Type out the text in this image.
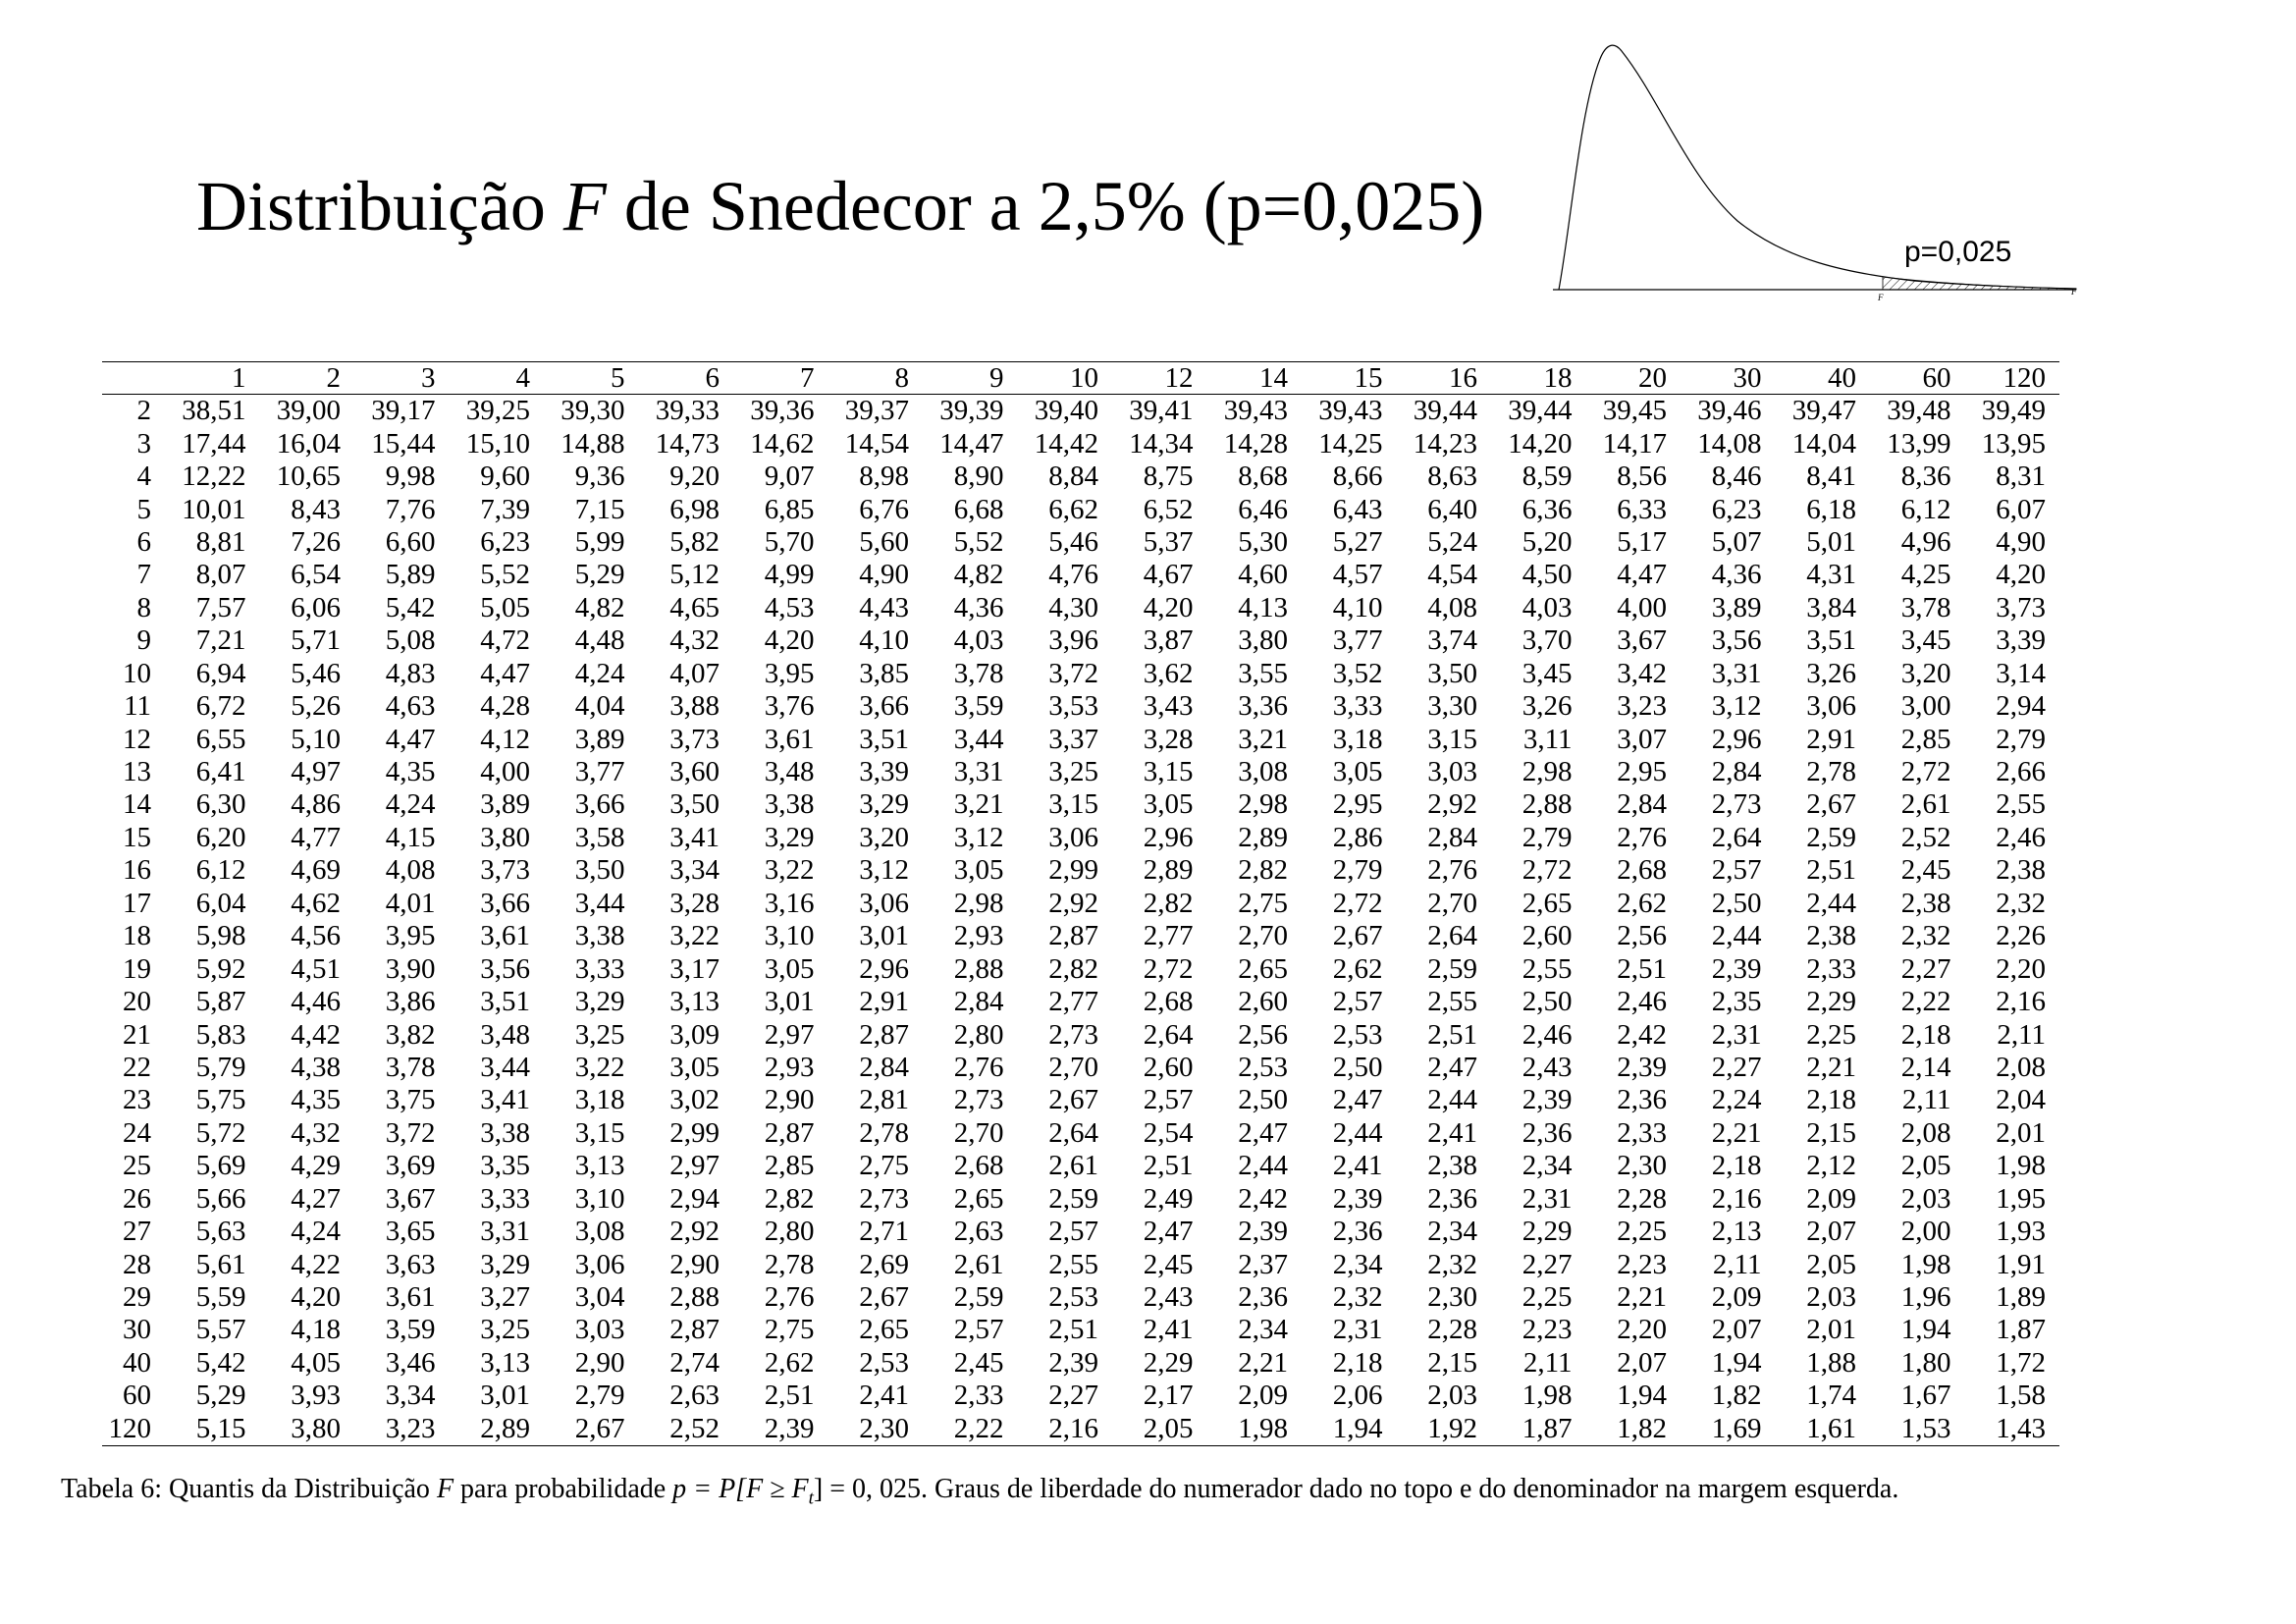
Distribuição F de Snedecor a 2,5% (p=0,025)
F
F
p=0,025
	1	2	3	4	5	6	7	8	9	10	12	14	15	16	18	20	30	40	60	120
2	38,51	39,00	39,17	39,25	39,30	39,33	39,36	39,37	39,39	39,40	39,41	39,43	39,43	39,44	39,44	39,45	39,46	39,47	39,48	39,49
3	17,44	16,04	15,44	15,10	14,88	14,73	14,62	14,54	14,47	14,42	14,34	14,28	14,25	14,23	14,20	14,17	14,08	14,04	13,99	13,95
4	12,22	10,65	9,98	9,60	9,36	9,20	9,07	8,98	8,90	8,84	8,75	8,68	8,66	8,63	8,59	8,56	8,46	8,41	8,36	8,31
5	10,01	8,43	7,76	7,39	7,15	6,98	6,85	6,76	6,68	6,62	6,52	6,46	6,43	6,40	6,36	6,33	6,23	6,18	6,12	6,07
6	8,81	7,26	6,60	6,23	5,99	5,82	5,70	5,60	5,52	5,46	5,37	5,30	5,27	5,24	5,20	5,17	5,07	5,01	4,96	4,90
7	8,07	6,54	5,89	5,52	5,29	5,12	4,99	4,90	4,82	4,76	4,67	4,60	4,57	4,54	4,50	4,47	4,36	4,31	4,25	4,20
8	7,57	6,06	5,42	5,05	4,82	4,65	4,53	4,43	4,36	4,30	4,20	4,13	4,10	4,08	4,03	4,00	3,89	3,84	3,78	3,73
9	7,21	5,71	5,08	4,72	4,48	4,32	4,20	4,10	4,03	3,96	3,87	3,80	3,77	3,74	3,70	3,67	3,56	3,51	3,45	3,39
10	6,94	5,46	4,83	4,47	4,24	4,07	3,95	3,85	3,78	3,72	3,62	3,55	3,52	3,50	3,45	3,42	3,31	3,26	3,20	3,14
11	6,72	5,26	4,63	4,28	4,04	3,88	3,76	3,66	3,59	3,53	3,43	3,36	3,33	3,30	3,26	3,23	3,12	3,06	3,00	2,94
12	6,55	5,10	4,47	4,12	3,89	3,73	3,61	3,51	3,44	3,37	3,28	3,21	3,18	3,15	3,11	3,07	2,96	2,91	2,85	2,79
13	6,41	4,97	4,35	4,00	3,77	3,60	3,48	3,39	3,31	3,25	3,15	3,08	3,05	3,03	2,98	2,95	2,84	2,78	2,72	2,66
14	6,30	4,86	4,24	3,89	3,66	3,50	3,38	3,29	3,21	3,15	3,05	2,98	2,95	2,92	2,88	2,84	2,73	2,67	2,61	2,55
15	6,20	4,77	4,15	3,80	3,58	3,41	3,29	3,20	3,12	3,06	2,96	2,89	2,86	2,84	2,79	2,76	2,64	2,59	2,52	2,46
16	6,12	4,69	4,08	3,73	3,50	3,34	3,22	3,12	3,05	2,99	2,89	2,82	2,79	2,76	2,72	2,68	2,57	2,51	2,45	2,38
17	6,04	4,62	4,01	3,66	3,44	3,28	3,16	3,06	2,98	2,92	2,82	2,75	2,72	2,70	2,65	2,62	2,50	2,44	2,38	2,32
18	5,98	4,56	3,95	3,61	3,38	3,22	3,10	3,01	2,93	2,87	2,77	2,70	2,67	2,64	2,60	2,56	2,44	2,38	2,32	2,26
19	5,92	4,51	3,90	3,56	3,33	3,17	3,05	2,96	2,88	2,82	2,72	2,65	2,62	2,59	2,55	2,51	2,39	2,33	2,27	2,20
20	5,87	4,46	3,86	3,51	3,29	3,13	3,01	2,91	2,84	2,77	2,68	2,60	2,57	2,55	2,50	2,46	2,35	2,29	2,22	2,16
21	5,83	4,42	3,82	3,48	3,25	3,09	2,97	2,87	2,80	2,73	2,64	2,56	2,53	2,51	2,46	2,42	2,31	2,25	2,18	2,11
22	5,79	4,38	3,78	3,44	3,22	3,05	2,93	2,84	2,76	2,70	2,60	2,53	2,50	2,47	2,43	2,39	2,27	2,21	2,14	2,08
23	5,75	4,35	3,75	3,41	3,18	3,02	2,90	2,81	2,73	2,67	2,57	2,50	2,47	2,44	2,39	2,36	2,24	2,18	2,11	2,04
24	5,72	4,32	3,72	3,38	3,15	2,99	2,87	2,78	2,70	2,64	2,54	2,47	2,44	2,41	2,36	2,33	2,21	2,15	2,08	2,01
25	5,69	4,29	3,69	3,35	3,13	2,97	2,85	2,75	2,68	2,61	2,51	2,44	2,41	2,38	2,34	2,30	2,18	2,12	2,05	1,98
26	5,66	4,27	3,67	3,33	3,10	2,94	2,82	2,73	2,65	2,59	2,49	2,42	2,39	2,36	2,31	2,28	2,16	2,09	2,03	1,95
27	5,63	4,24	3,65	3,31	3,08	2,92	2,80	2,71	2,63	2,57	2,47	2,39	2,36	2,34	2,29	2,25	2,13	2,07	2,00	1,93
28	5,61	4,22	3,63	3,29	3,06	2,90	2,78	2,69	2,61	2,55	2,45	2,37	2,34	2,32	2,27	2,23	2,11	2,05	1,98	1,91
29	5,59	4,20	3,61	3,27	3,04	2,88	2,76	2,67	2,59	2,53	2,43	2,36	2,32	2,30	2,25	2,21	2,09	2,03	1,96	1,89
30	5,57	4,18	3,59	3,25	3,03	2,87	2,75	2,65	2,57	2,51	2,41	2,34	2,31	2,28	2,23	2,20	2,07	2,01	1,94	1,87
40	5,42	4,05	3,46	3,13	2,90	2,74	2,62	2,53	2,45	2,39	2,29	2,21	2,18	2,15	2,11	2,07	1,94	1,88	1,80	1,72
60	5,29	3,93	3,34	3,01	2,79	2,63	2,51	2,41	2,33	2,27	2,17	2,09	2,06	2,03	1,98	1,94	1,82	1,74	1,67	1,58
120	5,15	3,80	3,23	2,89	2,67	2,52	2,39	2,30	2,22	2,16	2,05	1,98	1,94	1,92	1,87	1,82	1,69	1,61	1,53	1,43
Tabela 6: Quantis da Distribuição F para probabilidade $p = P[F \ge F_t] = 0$, 025. Graus de liberdade do numerador dado no topo e do denominador na margem esquerda.
